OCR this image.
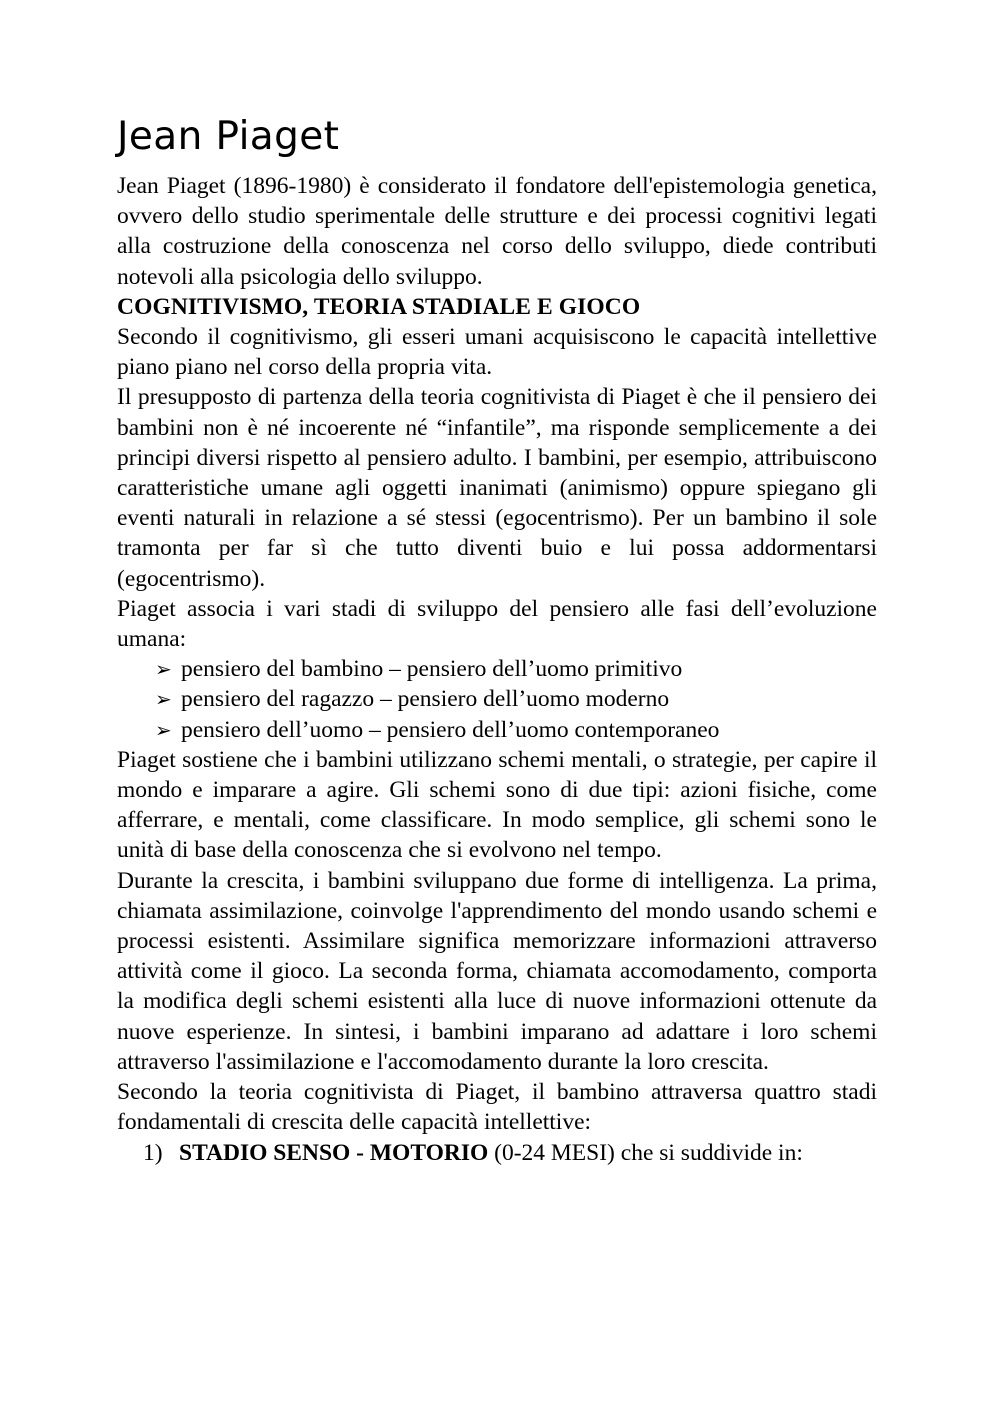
Jean Piaget

Jean Piaget (1896-1980) è considerato il fondatore dell'epistemologia genetica, ovvero dello studio sperimentale delle strutture e dei processi cognitivi legati alla costruzione della conoscenza nel corso dello sviluppo, diede contributi notevoli alla psicologia dello sviluppo.

COGNITIVISMO, TEORIA STADIALE E GIOCO

Secondo il cognitivismo, gli esseri umani acquisiscono le capacità intellettive piano piano nel corso della propria vita.

Il presupposto di partenza della teoria cognitivista di Piaget è che il pensiero dei bambini non è né incoerente né “infantile”, ma risponde semplicemente a dei principi diversi rispetto al pensiero adulto. I bambini, per esempio, attribuiscono caratteristiche umane agli oggetti inanimati (animismo) oppure spiegano gli eventi naturali in relazione a sé stessi (egocentrismo). Per un bambino il sole tramonta per far sì che tutto diventi buio e lui possa addormentarsi (egocentrismo).

Piaget associa i vari stadi di sviluppo del pensiero alle fasi dell’evoluzione umana:

➢ pensiero del bambino – pensiero dell’uomo primitivo
➢ pensiero del ragazzo – pensiero dell’uomo moderno
➢ pensiero dell’uomo – pensiero dell’uomo contemporaneo

Piaget sostiene che i bambini utilizzano schemi mentali, o strategie, per capire il mondo e imparare a agire. Gli schemi sono di due tipi: azioni fisiche, come afferrare, e mentali, come classificare. In modo semplice, gli schemi sono le unità di base della conoscenza che si evolvono nel tempo.

Durante la crescita, i bambini sviluppano due forme di intelligenza. La prima, chiamata assimilazione, coinvolge l'apprendimento del mondo usando schemi e processi esistenti. Assimilare significa memorizzare informazioni attraverso attività come il gioco. La seconda forma, chiamata accomodamento, comporta la modifica degli schemi esistenti alla luce di nuove informazioni ottenute da nuove esperienze. In sintesi, i bambini imparano ad adattare i loro schemi attraverso l'assimilazione e l'accomodamento durante la loro crescita.

Secondo la teoria cognitivista di Piaget, il bambino attraversa quattro stadi fondamentali di crescita delle capacità intellettive:

1) STADIO SENSO - MOTORIO (0-24 MESI) che si suddivide in:
